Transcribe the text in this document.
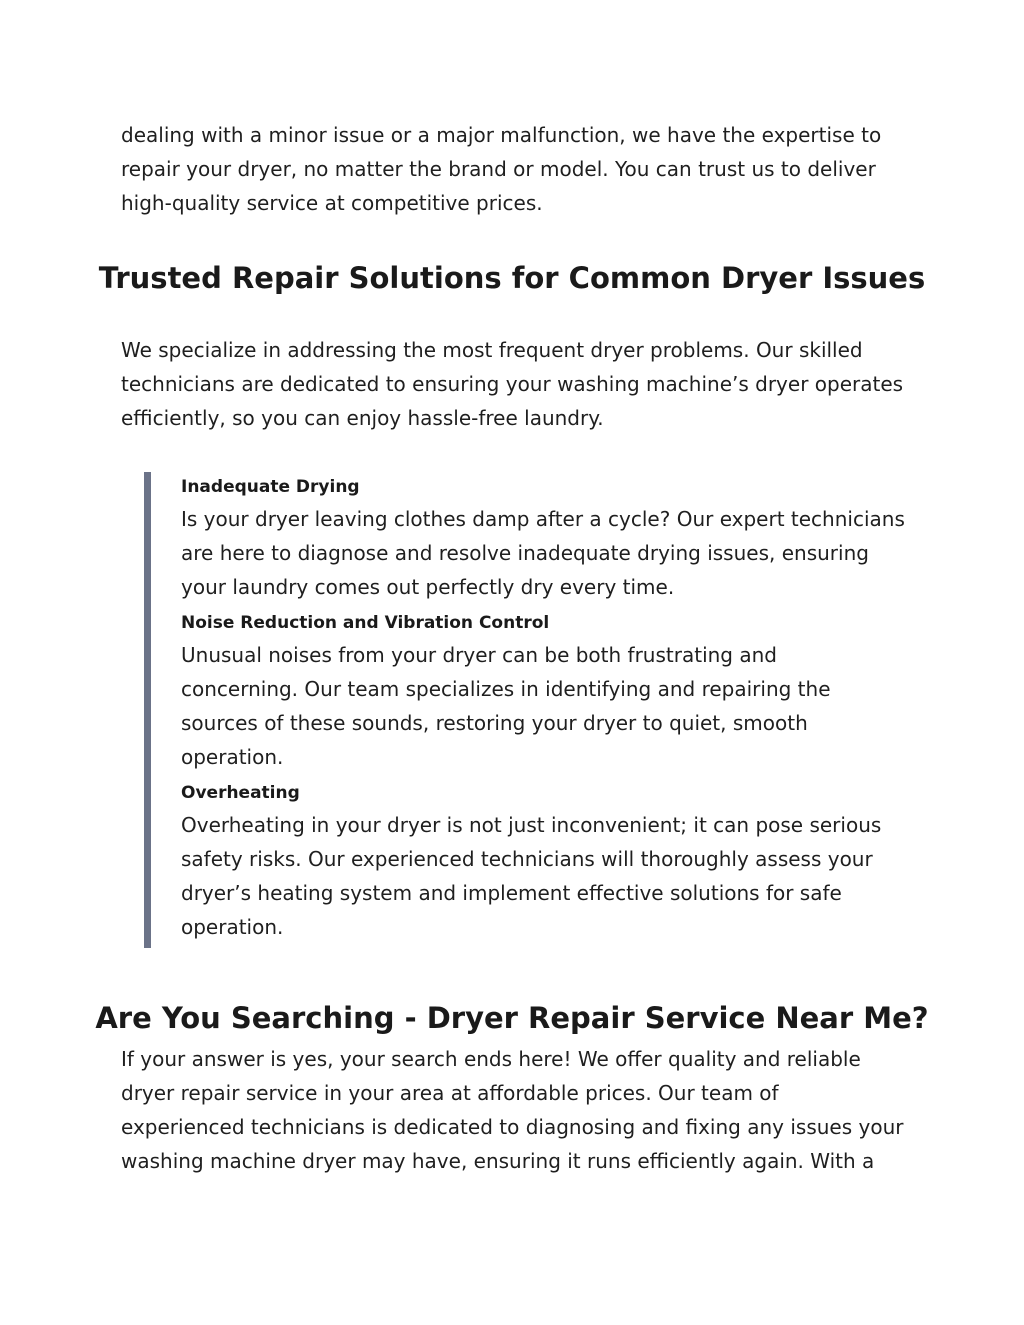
dealing with a minor issue or a major malfunction, we have the expertise to
repair your dryer, no matter the brand or model. You can trust us to deliver
high-quality service at competitive prices.

Trusted Repair Solutions for Common Dryer Issues

We specialize in addressing the most frequent dryer problems. Our skilled
technicians are dedicated to ensuring your washing machine’s dryer operates
efficiently, so you can enjoy hassle-free laundry.

Inadequate Drying

Is your dryer leaving clothes damp after a cycle? Our expert technicians
are here to diagnose and resolve inadequate drying issues, ensuring
your laundry comes out perfectly dry every time.

Noise Reduction and Vibration Control

Unusual noises from your dryer can be both frustrating and
concerning. Our team specializes in identifying and repairing the
sources of these sounds, restoring your dryer to quiet, smooth
operation.

Overheating

Overheating in your dryer is not just inconvenient; it can pose serious
safety risks. Our experienced technicians will thoroughly assess your
dryer’s heating system and implement effective solutions for safe
operation.

Are You Searching - Dryer Repair Service Near Me?

If your answer is yes, your search ends here! We offer quality and reliable
dryer repair service in your area at affordable prices. Our team of
experienced technicians is dedicated to diagnosing and fixing any issues your
washing machine dryer may have, ensuring it runs efficiently again. With a
